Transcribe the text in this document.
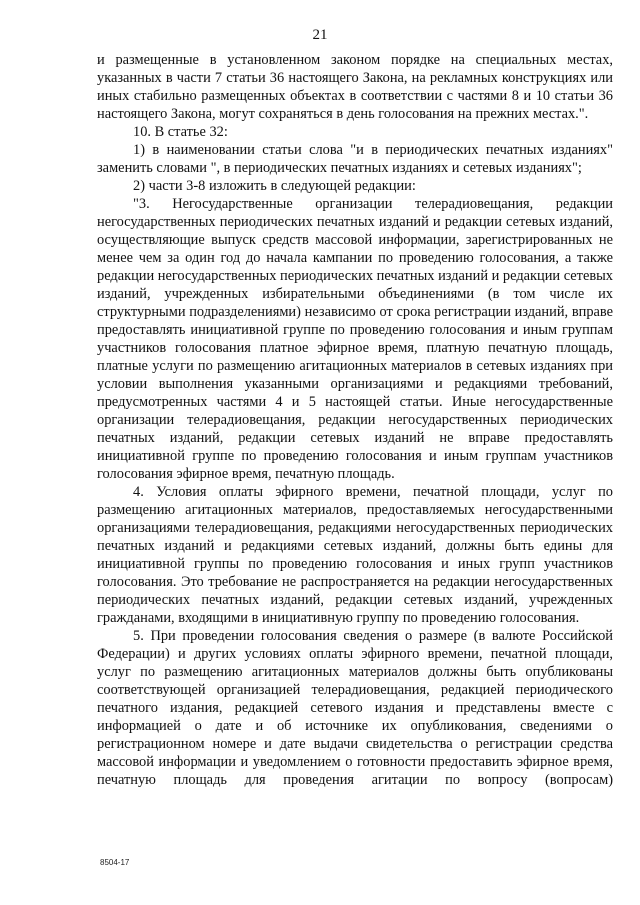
21

и размещенные в установленном законом порядке на специальных местах, указанных в части 7 статьи 36 настоящего Закона, на рекламных конструкциях или иных стабильно размещенных объектах в соответствии с частями 8 и 10 статьи 36 настоящего Закона, могут сохраняться в день голосования на прежних местах.".

10. В статье 32:

1) в наименовании статьи слова "и в периодических печатных изданиях" заменить словами ", в периодических печатных изданиях и сетевых изданиях";

2) части 3-8 изложить в следующей редакции:

"3. Негосударственные организации телерадиовещания, редакции негосударственных периодических печатных изданий и редакции сетевых изданий, осуществляющие выпуск средств массовой информации, зарегистрированных не менее чем за один год до начала кампании по проведению голосования, а также редакции негосударственных периодических печатных изданий и редакции сетевых изданий, учрежденных избирательными объединениями (в том числе их структурными подразделениями) независимо от срока регистрации изданий, вправе предоставлять инициативной группе по проведению голосования и иным группам участников голосования платное эфирное время, платную печатную площадь, платные услуги по размещению агитационных материалов в сетевых изданиях при условии выполнения указанными организациями и редакциями требований, предусмотренных частями 4 и 5 настоящей статьи. Иные негосударственные организации телерадиовещания, редакции негосударственных периодических печатных изданий, редакции сетевых изданий не вправе предоставлять инициативной группе по проведению голосования и иным группам участников голосования эфирное время, печатную площадь.

4. Условия оплаты эфирного времени, печатной площади, услуг по размещению агитационных материалов, предоставляемых негосударственными организациями телерадиовещания, редакциями негосударственных периодических печатных изданий и редакциями сетевых изданий, должны быть едины для инициативной группы по проведению голосования и иных групп участников голосования. Это требование не распространяется на редакции негосударственных периодических печатных изданий, редакции сетевых изданий, учрежденных гражданами, входящими в инициативную группу по проведению голосования.

5. При проведении голосования сведения о размере (в валюте Российской Федерации) и других условиях оплаты эфирного времени, печатной площади, услуг по размещению агитационных материалов должны быть опубликованы соответствующей организацией телерадиовещания, редакцией периодического печатного издания, редакцией сетевого издания и представлены вместе с информацией о дате и об источнике их опубликования, сведениями о регистрационном номере и дате выдачи свидетельства о регистрации средства массовой информации и уведомлением о готовности предоставить эфирное время, печатную площадь для проведения агитации по вопросу (вопросам)

8504-17
